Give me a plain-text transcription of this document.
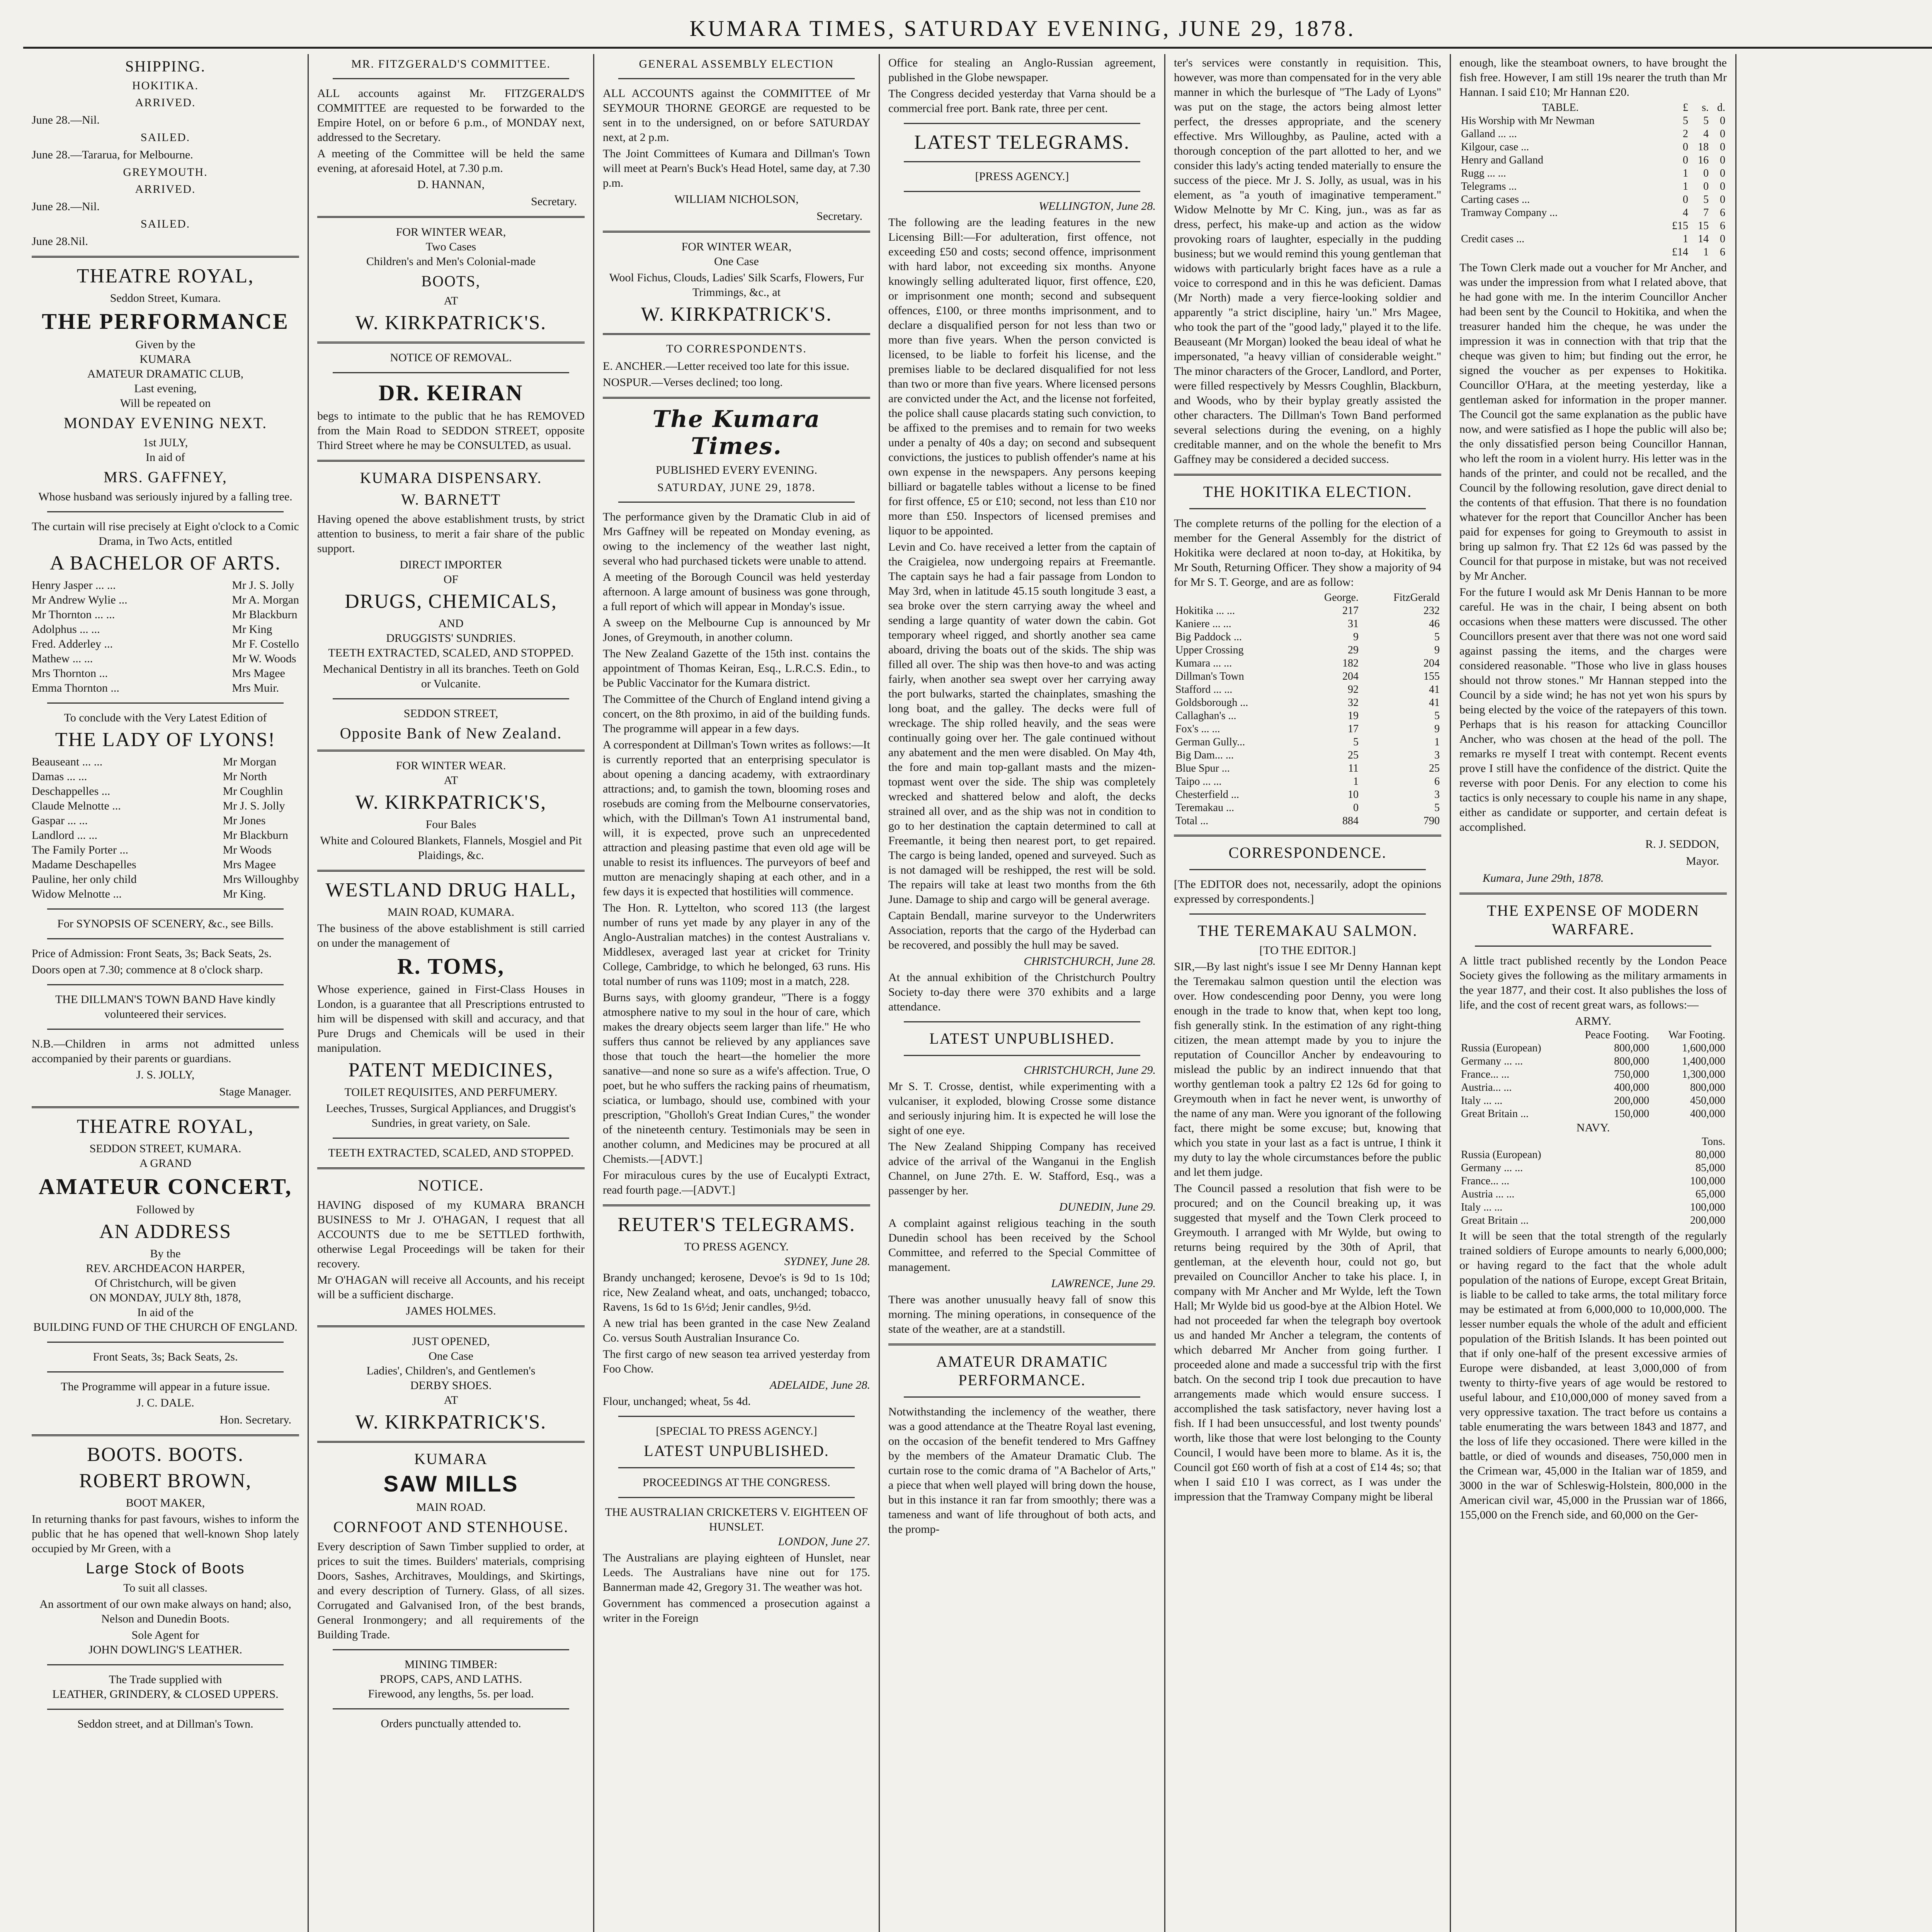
KUMARA TIMES, SATURDAY EVENING, JUNE 29, 1878.
SHIPPING.
HOKITIKA.
ARRIVED.
June 28.—Nil.
SAILED.
June 28.—Tararua, for Melbourne.
GREYMOUTH.
ARRIVED.
June 28.—Nil.
SAILED.
June 28.Nil.
THEATRE ROYAL,
Seddon Street, Kumara.
THE PERFORMANCE
Given by the
KUMARA
AMATEUR DRAMATIC CLUB,
Last evening,
Will be repeated on
MONDAY EVENING NEXT.
1st JULY,
In aid of
MRS. GAFFNEY,

Whose husband was seriously injured by a falling tree.

The curtain will rise precisely at Eight o'clock to a Comic Drama, in Two Acts, entitled

A BACHELOR OF ARTS.
Henry Jasper ... ...	Mr J. S. Jolly
Mr Andrew Wylie ...	Mr A. Morgan
Mr Thornton ... ...	Mr Blackburn
Adolphus ... ...	Mr King
Fred. Adderley ...	Mr F. Costello
Mathew ... ...	Mr W. Woods
Mrs Thornton ...	Mrs Magee
Emma Thornton ...	Mrs Muir.

To conclude with the Very Latest Edition of

THE LADY OF LYONS!
Beauseant ... ...	Mr Morgan
Damas ... ...	Mr North
Deschappelles ...	Mr Coughlin
Claude Melnotte ...	Mr J. S. Jolly
Gaspar ... ...	Mr Jones
Landlord ... ...	Mr Blackburn
The Family Porter ...	Mr Woods
Madame Deschapelles	Mrs Magee
Pauline, her only child	Mrs Willoughby
Widow Melnotte ...	Mr King.

For SYNOPSIS OF SCENERY, &c., see Bills.

Price of Admission: Front Seats, 3s; Back Seats, 2s.

Doors open at 7.30; commence at 8 o'clock sharp.

THE DILLMAN'S TOWN BAND Have kindly volunteered their services.

N.B.—Children in arms not admitted unless accompanied by their parents or guardians.

J. S. JOLLY,
Stage Manager.
THEATRE ROYAL,
SEDDON STREET, KUMARA.
A GRAND
AMATEUR CONCERT,
Followed by
AN ADDRESS
By the
REV. ARCHDEACON HARPER,
Of Christchurch, will be given
ON MONDAY, JULY 8th, 1878,
In aid of the
BUILDING FUND OF THE CHURCH OF ENGLAND.
Front Seats, 3s; Back Seats, 2s.

The Programme will appear in a future issue.

J. C. DALE.
Hon. Secretary.
BOOTS. BOOTS.
ROBERT BROWN,
BOOT MAKER,

In returning thanks for past favours, wishes to inform the public that he has opened that well-known Shop lately occupied by Mr Green, with a

Large Stock of Boots
To suit all classes.

An assortment of our own make always on hand; also, Nelson and Dunedin Boots.

Sole Agent for
JOHN DOWLING'S LEATHER.
The Trade supplied with
LEATHER, GRINDERY, & CLOSED UPPERS.
Seddon street, and at Dillman's Town.
MR. FITZGERALD'S COMMITTEE.

ALL accounts against Mr. FITZGERALD'S COMMITTEE are requested to be forwarded to the Empire Hotel, on or before 6 p.m., of MONDAY next, addressed to the Secretary.

A meeting of the Committee will be held the same evening, at aforesaid Hotel, at 7.30 p.m.

D. HANNAN,
Secretary.
FOR WINTER WEAR,
Two Cases
Children's and Men's Colonial-made
BOOTS,
AT
W. KIRKPATRICK'S.
NOTICE OF REMOVAL.
DR. KEIRAN

begs to intimate to the public that he has REMOVED from the Main Road to SEDDON STREET, opposite Third Street where he may be CONSULTED, as usual.

KUMARA DISPENSARY.
W. BARNETT

Having opened the above establishment trusts, by strict attention to business, to merit a fair share of the public support.

DIRECT IMPORTER
OF
DRUGS, CHEMICALS,
AND
DRUGGISTS' SUNDRIES.
TEETH EXTRACTED, SCALED, AND STOPPED.

Mechanical Dentistry in all its branches. Teeth on Gold or Vulcanite.

SEDDON STREET,
Opposite Bank of New Zealand.
FOR WINTER WEAR.
AT
W. KIRKPATRICK'S,
Four Bales

White and Coloured Blankets, Flannels, Mosgiel and Pit Plaidings, &c.

WESTLAND DRUG HALL,
MAIN ROAD, KUMARA.

The business of the above establishment is still carried on under the management of

R. TOMS,

Whose experience, gained in First-Class Houses in London, is a guarantee that all Prescriptions entrusted to him will be dispensed with skill and accuracy, and that Pure Drugs and Chemicals will be used in their manipulation.

PATENT MEDICINES,
TOILET REQUISITES, AND PERFUMERY.

Leeches, Trusses, Surgical Appliances, and Druggist's Sundries, in great variety, on Sale.

TEETH EXTRACTED, SCALED, AND STOPPED.
NOTICE.

HAVING disposed of my KUMARA BRANCH BUSINESS to Mr J. O'HAGAN, I request that all ACCOUNTS due to me be SETTLED forthwith, otherwise Legal Proceedings will be taken for their recovery.

Mr O'HAGAN will receive all Accounts, and his receipt will be a sufficient discharge.

JAMES HOLMES.
JUST OPENED,
One Case
Ladies', Children's, and Gentlemen's
DERBY SHOES.
AT
W. KIRKPATRICK'S.
KUMARA
SAW MILLS
MAIN ROAD.
CORNFOOT AND STENHOUSE.

Every description of Sawn Timber supplied to order, at prices to suit the times. Builders' materials, comprising Doors, Sashes, Architraves, Mouldings, and Skirtings, and every description of Turnery. Glass, of all sizes. Corrugated and Galvanised Iron, of the best brands, General Ironmongery; and all requirements of the Building Trade.

MINING TIMBER:
PROPS, CAPS, AND LATHS.
Firewood, any lengths, 5s. per load.
Orders punctually attended to.
GENERAL ASSEMBLY ELECTION

ALL ACCOUNTS against the COMMITTEE of Mr SEYMOUR THORNE GEORGE are requested to be sent in to the undersigned, on or before SATURDAY next, at 2 p.m.

The Joint Committees of Kumara and Dillman's Town will meet at Pearn's Buck's Head Hotel, same day, at 7.30 p.m.

WILLIAM NICHOLSON,
Secretary.
FOR WINTER WEAR,
One Case

Wool Fichus, Clouds, Ladies' Silk Scarfs, Flowers, Fur Trimmings, &c., at

W. KIRKPATRICK'S.
TO CORRESPONDENTS.

E. ANCHER.—Letter received too late for this issue.

NOSPUR.—Verses declined; too long.

The Kumara Times.
PUBLISHED EVERY EVENING.
SATURDAY, JUNE 29, 1878.

The performance given by the Dramatic Club in aid of Mrs Gaffney will be repeated on Monday evening, as owing to the inclemency of the weather last night, several who had purchased tickets were unable to attend.

A meeting of the Borough Council was held yesterday afternoon. A large amount of business was gone through, a full report of which will appear in Monday's issue.

A sweep on the Melbourne Cup is announced by Mr Jones, of Greymouth, in another column.

The New Zealand Gazette of the 15th inst. contains the appointment of Thomas Keiran, Esq., L.R.C.S. Edin., to be Public Vaccinator for the Kumara district.

The Committee of the Church of England intend giving a concert, on the 8th proximo, in aid of the building funds. The programme will appear in a few days.

A correspondent at Dillman's Town writes as follows:—It is currently reported that an enterprising speculator is about opening a dancing academy, with extraordinary attractions; and, to gamish the town, blooming roses and rosebuds are coming from the Melbourne conservatories, which, with the Dillman's Town A1 instrumental band, will, it is expected, prove such an unprecedented attraction and pleasing pastime that even old age will be unable to resist its influences. The purveyors of beef and mutton are menacingly shaping at each other, and in a few days it is expected that hostilities will commence.

The Hon. R. Lyttelton, who scored 113 (the largest number of runs yet made by any player in any of the Anglo-Australian matches) in the contest Australians v. Middlesex, averaged last year at cricket for Trinity College, Cambridge, to which he belonged, 63 runs. His total number of runs was 1109; most in a match, 228.

Burns says, with gloomy grandeur, "There is a foggy atmosphere native to my soul in the hour of care, which makes the dreary objects seem larger than life." He who suffers thus cannot be relieved by any appliances save those that touch the heart—the homelier the more sanative—and none so sure as a wife's affection. True, O poet, but he who suffers the racking pains of rheumatism, sciatica, or lumbago, should use, combined with your prescription, "Gholloh's Great Indian Cures," the wonder of the nineteenth century. Testimonials may be seen in another column, and Medicines may be procured at all Chemists.—[ADVT.]

For miraculous cures by the use of Eucalypti Extract, read fourth page.—[ADVT.]

REUTER'S TELEGRAMS.
TO PRESS AGENCY.
SYDNEY, June 28.

Brandy unchanged; kerosene, Devoe's is 9d to 1s 10d; rice, New Zealand wheat, and oats, unchanged; tobacco, Ravens, 1s 6d to 1s 6½d; Jenir candles, 9½d.

A new trial has been granted in the case New Zealand Co. versus South Australian Insurance Co.

The first cargo of new season tea arrived yesterday from Foo Chow.

ADELAIDE, June 28.

Flour, unchanged; wheat, 5s 4d.

[SPECIAL TO PRESS AGENCY.]
LATEST UNPUBLISHED.
PROCEEDINGS AT THE CONGRESS.
THE AUSTRALIAN CRICKETERS V. EIGHTEEN OF HUNSLET.
LONDON, June 27.

The Australians are playing eighteen of Hunslet, near Leeds. The Australians have nine out for 175. Bannerman made 42, Gregory 31. The weather was hot.

Government has commenced a prosecution against a writer in the Foreign

Office for stealing an Anglo-Russian agreement, published in the Globe newspaper.

The Congress decided yesterday that Varna should be a commercial free port. Bank rate, three per cent.

LATEST TELEGRAMS.
[PRESS AGENCY.]
WELLINGTON, June 28.

The following are the leading features in the new Licensing Bill:—For adulteration, first offence, not exceeding £50 and costs; second offence, imprisonment with hard labor, not exceeding six months. Anyone knowingly selling adulterated liquor, first offence, £20, or imprisonment one month; second and subsequent offences, £100, or three months imprisonment, and to declare a disqualified person for not less than two or more than five years. When the person convicted is licensed, to be liable to forfeit his license, and the premises liable to be declared disqualified for not less than two or more than five years. Where licensed persons are convicted under the Act, and the license not forfeited, the police shall cause placards stating such conviction, to be affixed to the premises and to remain for two weeks under a penalty of 40s a day; on second and subsequent convictions, the justices to publish offender's name at his own expense in the newspapers. Any persons keeping billiard or bagatelle tables without a license to be fined for first offence, £5 or £10; second, not less than £10 nor more than £50. Inspectors of licensed premises and liquor to be appointed.

Levin and Co. have received a letter from the captain of the Craigielea, now undergoing repairs at Freemantle. The captain says he had a fair passage from London to May 3rd, when in latitude 45.15 south longitude 3 east, a sea broke over the stern carrying away the wheel and sending a large quantity of water down the cabin. Got temporary wheel rigged, and shortly another sea came aboard, driving the boats out of the skids. The ship was filled all over. The ship was then hove-to and was acting fairly, when another sea swept over her carrying away the port bulwarks, started the chainplates, smashing the long boat, and the galley. The decks were full of wreckage. The ship rolled heavily, and the seas were continually going over her. The gale continued without any abatement and the men were disabled. On May 4th, the fore and main top-gallant masts and the mizen-topmast went over the side. The ship was completely wrecked and shattered below and aloft, the decks strained all over, and as the ship was not in condition to go to her destination the captain determined to call at Freemantle, it being then nearest port, to get repaired. The cargo is being landed, opened and surveyed. Such as is not damaged will be reshipped, the rest will be sold. The repairs will take at least two months from the 6th June. Damage to ship and cargo will be general average.

Captain Bendall, marine surveyor to the Underwriters Association, reports that the cargo of the Hyderbad can be recovered, and possibly the hull may be saved.

CHRISTCHURCH, June 28.

At the annual exhibition of the Christchurch Poultry Society to-day there were 370 exhibits and a large attendance.

LATEST UNPUBLISHED.
CHRISTCHURCH, June 29.

Mr S. T. Crosse, dentist, while experimenting with a vulcaniser, it exploded, blowing Crosse some distance and seriously injuring him. It is expected he will lose the sight of one eye.

The New Zealand Shipping Company has received advice of the arrival of the Wanganui in the English Channel, on June 27th. E. W. Stafford, Esq., was a passenger by her.

DUNEDIN, June 29.

A complaint against religious teaching in the south Dunedin school has been received by the School Committee, and referred to the Special Committee of management.

LAWRENCE, June 29.

There was another unusually heavy fall of snow this morning. The mining operations, in consequence of the state of the weather, are at a standstill.

AMATEUR DRAMATIC PERFORMANCE.

Notwithstanding the inclemency of the weather, there was a good attendance at the Theatre Royal last evening, on the occasion of the benefit tendered to Mrs Gaffney by the members of the Amateur Dramatic Club. The curtain rose to the comic drama of "A Bachelor of Arts," a piece that when well played will bring down the house, but in this instance it ran far from smoothly; there was a tameness and want of life throughout of both acts, and the promp-

ter's services were constantly in requisition. This, however, was more than compensated for in the very able manner in which the burlesque of "The Lady of Lyons" was put on the stage, the actors being almost letter perfect, the dresses appropriate, and the scenery effective. Mrs Willoughby, as Pauline, acted with a thorough conception of the part allotted to her, and we consider this lady's acting tended materially to ensure the success of the piece. Mr J. S. Jolly, as usual, was in his element, as "a youth of imaginative temperament." Widow Melnotte by Mr C. King, jun., was as far as dress, perfect, his make-up and action as the widow provoking roars of laughter, especially in the pudding business; but we would remind this young gentleman that widows with particularly bright faces have as a rule a voice to correspond and in this he was deficient. Damas (Mr North) made a very fierce-looking soldier and apparently "a strict discipline, hairy 'un." Mrs Magee, who took the part of the "good lady," played it to the life. Beauseant (Mr Morgan) looked the beau ideal of what he impersonated, "a heavy villian of considerable weight." The minor characters of the Grocer, Landlord, and Porter, were filled respectively by Messrs Coughlin, Blackburn, and Woods, who by their byplay greatly assisted the other characters. The Dillman's Town Band performed several selections during the evening, on a highly creditable manner, and on the whole the benefit to Mrs Gaffney may be considered a decided success.

THE HOKITIKA ELECTION.

The complete returns of the polling for the election of a member for the General Assembly for the district of Hokitika were declared at noon to-day, at Hokitika, by Mr South, Returning Officer. They show a majority of 94 for Mr S. T. George, and are as follow:

	George.	FitzGerald
Hokitika ... ...	217	232
Kaniere ... ...	31	46
Big Paddock ...	9	5
Upper Crossing	29	9
Kumara ... ...	182	204
Dillman's Town	204	155
Stafford ... ...	92	41
Goldsborough ...	32	41
Callaghan's ...	19	5
Fox's ... ...	17	9
German Gully...	5	1
Big Dam... ...	25	3
Blue Spur ...	11	25
Taipo ... ...	1	6
Chesterfield ...	10	3
Teremakau ...	0	5
Total ...	884	790
CORRESPONDENCE.

[The EDITOR does not, necessarily, adopt the opinions expressed by correspondents.]

THE TEREMAKAU SALMON.
[TO THE EDITOR.]

SIR,—By last night's issue I see Mr Denny Hannan kept the Teremakau salmon question until the election was over. How condescending poor Denny, you were long enough in the trade to know that, when kept too long, fish generally stink. In the estimation of any right-thing citizen, the mean attempt made by you to injure the reputation of Councillor Ancher by endeavouring to mislead the public by an indirect innuendo that that worthy gentleman took a paltry £2 12s 6d for going to Greymouth when in fact he never went, is unworthy of the name of any man. Were you ignorant of the following fact, there might be some excuse; but, knowing that which you state in your last as a fact is untrue, I think it my duty to lay the whole circumstances before the public and let them judge.

The Council passed a resolution that fish were to be procured; and on the Council breaking up, it was suggested that myself and the Town Clerk proceed to Greymouth. I arranged with Mr Wylde, but owing to returns being required by the 30th of April, that gentleman, at the eleventh hour, could not go, but prevailed on Councillor Ancher to take his place. I, in company with Mr Ancher and Mr Wylde, left the Town Hall; Mr Wylde bid us good-bye at the Albion Hotel. We had not proceeded far when the telegraph boy overtook us and handed Mr Ancher a telegram, the contents of which debarred Mr Ancher from going further. I proceeded alone and made a successful trip with the first batch. On the second trip I took due precaution to have arrangements made which would ensure success. I accomplished the task satisfactory, never having lost a fish. If I had been unsuccessful, and lost twenty pounds' worth, like those that were lost belonging to the County Council, I would have been more to blame. As it is, the Council got £60 worth of fish at a cost of £14 4s; so; that when I said £10 I was correct, as I was under the impression that the Tramway Company might be liberal

enough, like the steamboat owners, to have brought the fish free. However, I am still 19s nearer the truth than Mr Hannan. I said £10; Mr Hannan £20.

TABLE.	£	s.	d.
His Worship with Mr Newman	5	5	0
Galland ... ...	2	4	0
Kilgour, case ...	0	18	0
Henry and Galland	0	16	0
Rugg ... ...	1	0	0
Telegrams ...	1	0	0
Carting cases ...	0	5	0
Tramway Company ...	4	7	6
	£15	15	6
Credit cases ...	1	14	0
	£14	1	6

The Town Clerk made out a voucher for Mr Ancher, and was under the impression from what I related above, that he had gone with me. In the interim Councillor Ancher had been sent by the Council to Hokitika, and when the treasurer handed him the cheque, he was under the impression it was in connection with that trip that the cheque was given to him; but finding out the error, he signed the voucher as per expenses to Hokitika. Councillor O'Hara, at the meeting yesterday, like a gentleman asked for information in the proper manner. The Council got the same explanation as the public have now, and were satisfied as I hope the public will also be; the only dissatisfied person being Councillor Hannan, who left the room in a violent hurry. His letter was in the hands of the printer, and could not be recalled, and the Council by the following resolution, gave direct denial to the contents of that effusion. That there is no foundation whatever for the report that Councillor Ancher has been paid for expenses for going to Greymouth to assist in bring up salmon fry. That £2 12s 6d was passed by the Council for that purpose in mistake, but was not received by Mr Ancher.

For the future I would ask Mr Denis Hannan to be more careful. He was in the chair, I being absent on both occasions when these matters were discussed. The other Councillors present aver that there was not one word said against passing the items, and the charges were considered reasonable. "Those who live in glass houses should not throw stones." Mr Hannan stepped into the Council by a side wind; he has not yet won his spurs by being elected by the voice of the ratepayers of this town. Perhaps that is his reason for attacking Councillor Ancher, who was chosen at the head of the poll. The remarks re myself I treat with contempt. Recent events prove I still have the confidence of the district. Quite the reverse with poor Denis. For any election to come his tactics is only necessary to couple his name in any shape, either as candidate or supporter, and certain defeat is accomplished.

R. J. SEDDON,
Mayor.
Kumara, June 29th, 1878.
THE EXPENSE OF MODERN WARFARE.

A little tract published recently by the London Peace Society gives the following as the military armaments in the year 1877, and their cost. It also publishes the loss of life, and the cost of recent great wars, as follows:—

ARMY.
	Peace Footing.	War Footing.
Russia (European)	800,000	1,600,000
Germany ... ...	800,000	1,400,000
France... ...	750,000	1,300,000
Austria... ...	400,000	800,000
Italy ... ...	200,000	450,000
Great Britain ...	150,000	400,000
NAVY.
	Tons.
Russia (European)	80,000
Germany ... ...	85,000
France... ...	100,000
Austria ... ...	65,000
Italy ... ...	100,000
Great Britain ...	200,000

It will be seen that the total strength of the regularly trained soldiers of Europe amounts to nearly 6,000,000; or having regard to the fact that the whole adult population of the nations of Europe, except Great Britain, is liable to be called to take arms, the total military force may be estimated at from 6,000,000 to 10,000,000. The lesser number equals the whole of the adult and efficient population of the British Islands. It has been pointed out that if only one-half of the present excessive armies of Europe were disbanded, at least 3,000,000 of from twenty to thirty-five years of age would be restored to useful labour, and £10,000,000 of money saved from a very oppressive taxation. The tract before us contains a table enumerating the wars between 1843 and 1877, and the loss of life they occasioned. There were killed in the battle, or died of wounds and diseases, 750,000 men in the Crimean war, 45,000 in the Italian war of 1859, and 3000 in the war of Schleswig-Holstein, 800,000 in the American civil war, 45,000 in the Prussian war of 1866, 155,000 on the French side, and 60,000 on the Ger-
